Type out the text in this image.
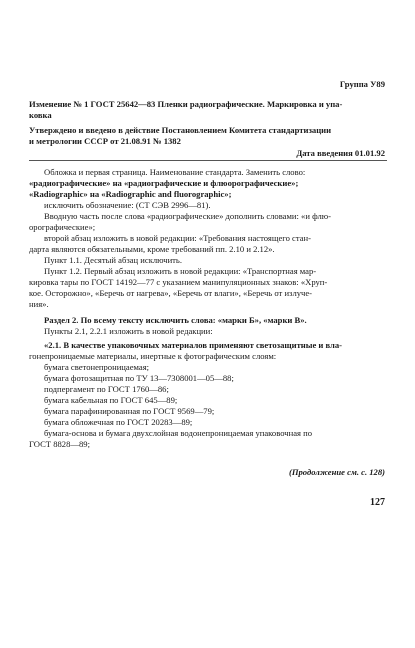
Группа У89
Изменение № 1 ГОСТ 25642—83 Пленки радиографические. Маркировка и упа-
ковка
Утверждено и введено в действие Постановлением Комитета стандартизации
и метрологии СССР от 21.08.91 № 1382
Дата введения 01.01.92
Обложка и первая страница. Наименование стандарта. Заменить слово:
«радиографические» на «радиографические и флюорографические»;
«Radiographic» на «Radiographic and fluorographic»;
исключить обозначение: (СТ СЭВ 2996—81).
Вводную часть после слова «радиографические» дополнить словами: «и флю-
орографические»;
второй абзац изложить в новой редакции: «Требования настоящего стан-
дарта являются обязательными, кроме требований пп. 2.10 и 2.12».
Пункт 1.1. Десятый абзац исключить.
Пункт 1.2. Первый абзац изложить в новой редакции: «Транспортная мар-
кировка тары по ГОСТ 14192—77 с указанием манипуляционных знаков: «Хруп-
кое. Осторожно», «Беречь от нагрева», «Беречь от влаги», «Беречь от излуче-
ния».
Раздел 2. По всему тексту исключить слова: «марки Б», «марки В».
Пункты 2.1, 2.2.1 изложить в новой редакции:
«2.1. В качестве упаковочных материалов применяют светозащитные и вла-
гонепроницаемые материалы, инертные к фотографическим слоям:
бумага светонепроницаемая;
бумага фотозащитная по ТУ 13—7308001—05—88;
подпергамент по ГОСТ 1760—86;
бумага кабельная по ГОСТ 645—89;
бумага парафинированная по ГОСТ 9569—79;
бумага обложечная по ГОСТ 20283—89;
бумага-основа и бумага двухслойная водонепроницаемая упаковочная по
ГОСТ 8828—89;
(Продолжение см. с. 128)
127
